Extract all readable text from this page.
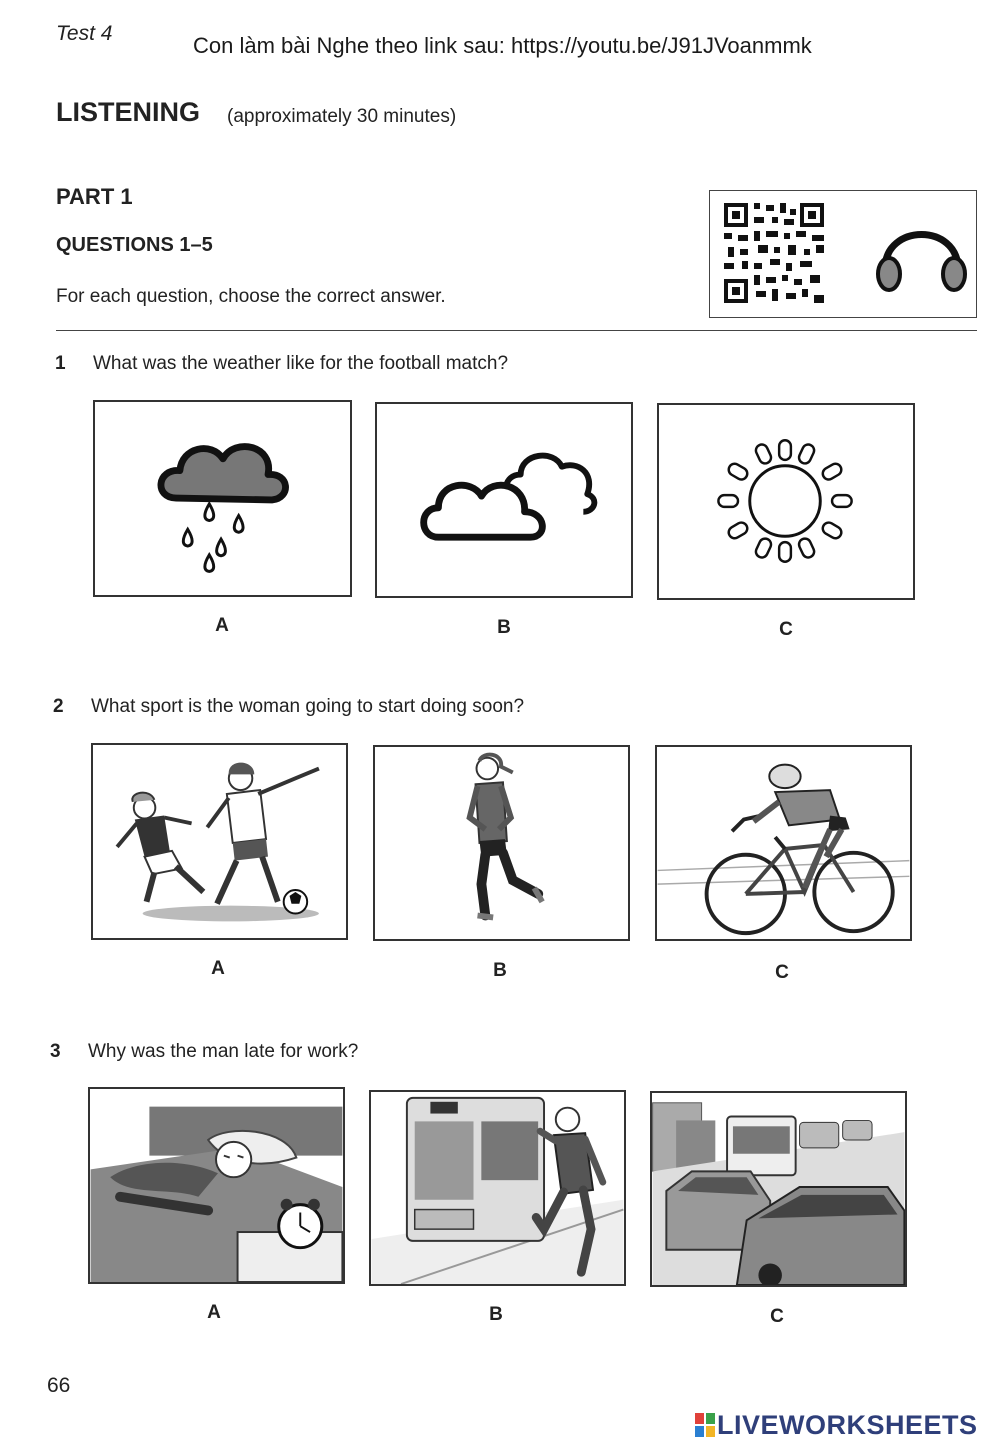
Test 4	Con làm bài Nghe theo link sau: https://youtu.be/J91JVoanmmk
LISTENING (approximately 30 minutes)
PART 1
QUESTIONS 1–5
For each question, choose the correct answer.
1 What was the weather like for the football match?
A	B	C
2 What sport is the woman going to start doing soon?
A	B	C
3 Why was the man late for work?
A	B	C
66
LIVEWORKSHEETS
